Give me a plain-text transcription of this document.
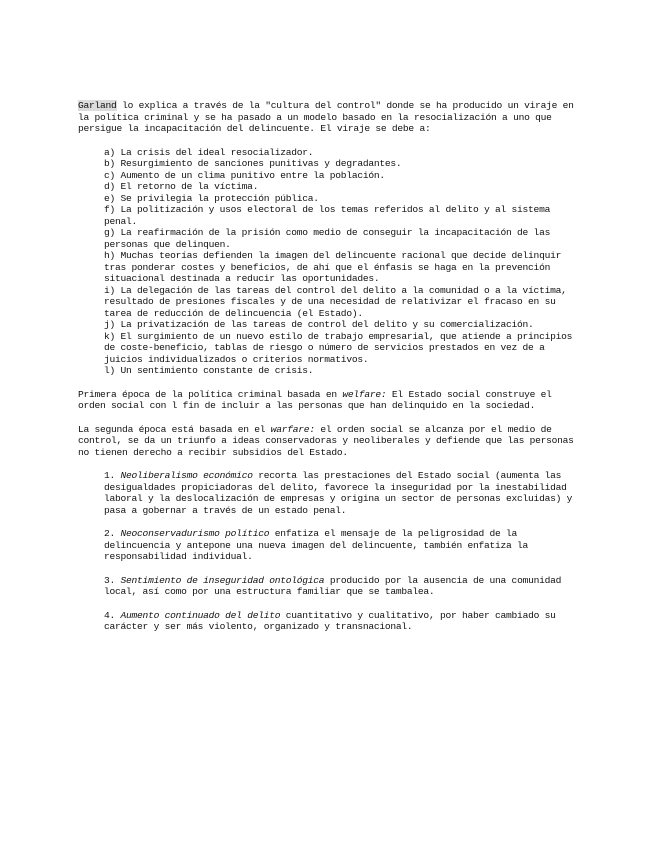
Garland lo explica a través de la "cultura del control" donde se ha producido un viraje en la política criminal y se ha pasado a un modelo basado en la resocialización a uno que persigue la incapacitación del delincuente. El viraje se debe a:

a) La crisis del ideal resocializador.
b) Resurgimiento de sanciones punitivas y degradantes.
c) Aumento de un clima punitivo entre la población.
d) El retorno de la víctima.
e) Se privilegia la protección pública.
f) La politización y usos electoral de los temas referidos al delito y al sistema penal.
g) La reafirmación de la prisión como medio de conseguir la incapacitación de las personas que delinquen.
h) Muchas teorías defienden la imagen del delincuente racional que decide delinquir tras ponderar costes y beneficios, de ahí que el énfasis se haga en la prevención situacional destinada a reducir las oportunidades.
i) La delegación de las tareas del control del delito a la comunidad o a la víctima, resultado de presiones fiscales y de una necesidad de relativizar el fracaso en su tarea de reducción de delincuencia (el Estado).
j) La privatización de las tareas de control del delito y su comercialización.
k) El surgimiento de un nuevo estilo de trabajo empresarial, que atiende a principios de coste-beneficio, tablas de riesgo o número de servicios prestados en vez de a juicios individualizados o criterios normativos.
l) Un sentimiento constante de crisis.

Primera época de la política criminal basada en welfare: El Estado social construye el orden social con l fin de incluir a las personas que han delinquido en la sociedad.

La segunda época está basada en el warfare: el orden social se alcanza por el medio de control, se da un triunfo a ideas conservadoras y neoliberales y defiende que las personas no tienen derecho a recibir subsidios del Estado.

1. Neoliberalismo económico recorta las prestaciones del Estado social (aumenta las desigualdades propiciadoras del delito, favorece la inseguridad por la inestabilidad laboral y la deslocalización de empresas y origina un sector de personas excluidas) y pasa a gobernar a través de un estado penal.
2. Neoconservadurismo político enfatiza el mensaje de la peligrosidad de la delincuencia y antepone una nueva imagen del delincuente, también enfatiza la responsabilidad individual.
3. Sentimiento de inseguridad ontológica producido por la ausencia de una comunidad local, así como por una estructura familiar que se tambalea.
4. Aumento continuado del delito cuantitativo y cualitativo, por haber cambiado su carácter y ser más violento, organizado y transnacional.
